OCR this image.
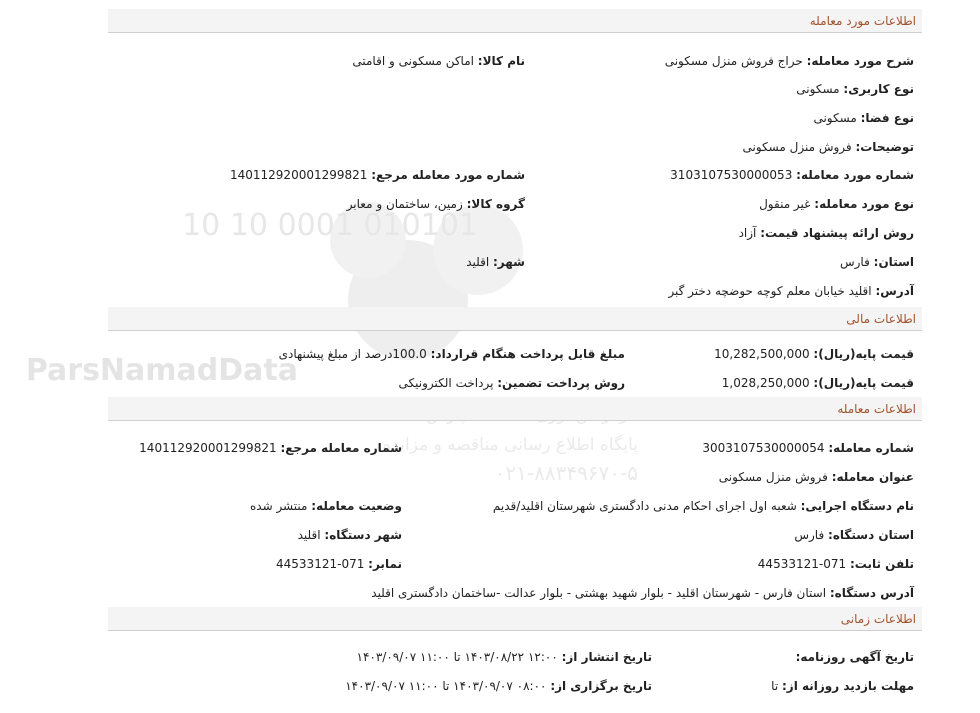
010101 0001 10 10
ParsNamadData
پایگاه اطلاع رسانی مناقصه و مزایده
۰۲۱-۸۸۳۴۹۶۷۰-۵
اطلاعات مورد معامله
شرح مورد معامله: حراج فروش منزل مسکونی
نام کالا: اماکن مسکونی و اقامتی
نوع کاربری: مسکونی
نوع فضا: مسکونی
توضیحات: فروش منزل مسکونی
شماره مورد معامله: 3103107530000053
شماره مورد معامله مرجع: 140112920001299821
نوع مورد معامله: غیر منقول
گروه کالا: زمین، ساختمان و معابر
روش ارائه پیشنهاد قیمت: آزاد
استان: فارس
شهر: اقلید
آدرس: اقلید خیابان معلم کوچه حوضچه دختر گبر
اطلاعات مالی
قیمت پایه(ریال): 10,282,500,000
مبلغ قابل پرداخت هنگام قرارداد: 100.0درصد از مبلغ پیشنهادی
قیمت پایه(ریال): 1,028,250,000
روش پرداخت تضمین: پرداخت الکترونیکی
اطلاعات معامله
شماره معامله: 3003107530000054
شماره معامله مرجع: 140112920001299821
عنوان معامله: فروش منزل مسکونی
نام دستگاه اجرایی: شعبه اول اجرای احکام مدنی دادگستری شهرستان اقلید/قدیم
وضعیت معامله: منتشر شده
استان دستگاه: فارس
شهر دستگاه: اقلید
تلفن ثابت: 071-44533121
نمابر: 071-44533121
آدرس دستگاه: استان فارس - شهرستان اقلید - بلوار شهید بهشتی - بلوار عدالت -ساختمان دادگستری اقلید
اطلاعات زمانی
تاریخ آگهی روزنامه:
تاریخ انتشار از: ۱۲:۰۰ ۱۴۰۳/۰۸/۲۲ تا ۱۱:۰۰ ۱۴۰۳/۰۹/۰۷
مهلت بازدید روزانه از: تا
تاریخ برگزاری از: ۰۸:۰۰ ۱۴۰۳/۰۹/۰۷ تا ۱۱:۰۰ ۱۴۰۳/۰۹/۰۷
